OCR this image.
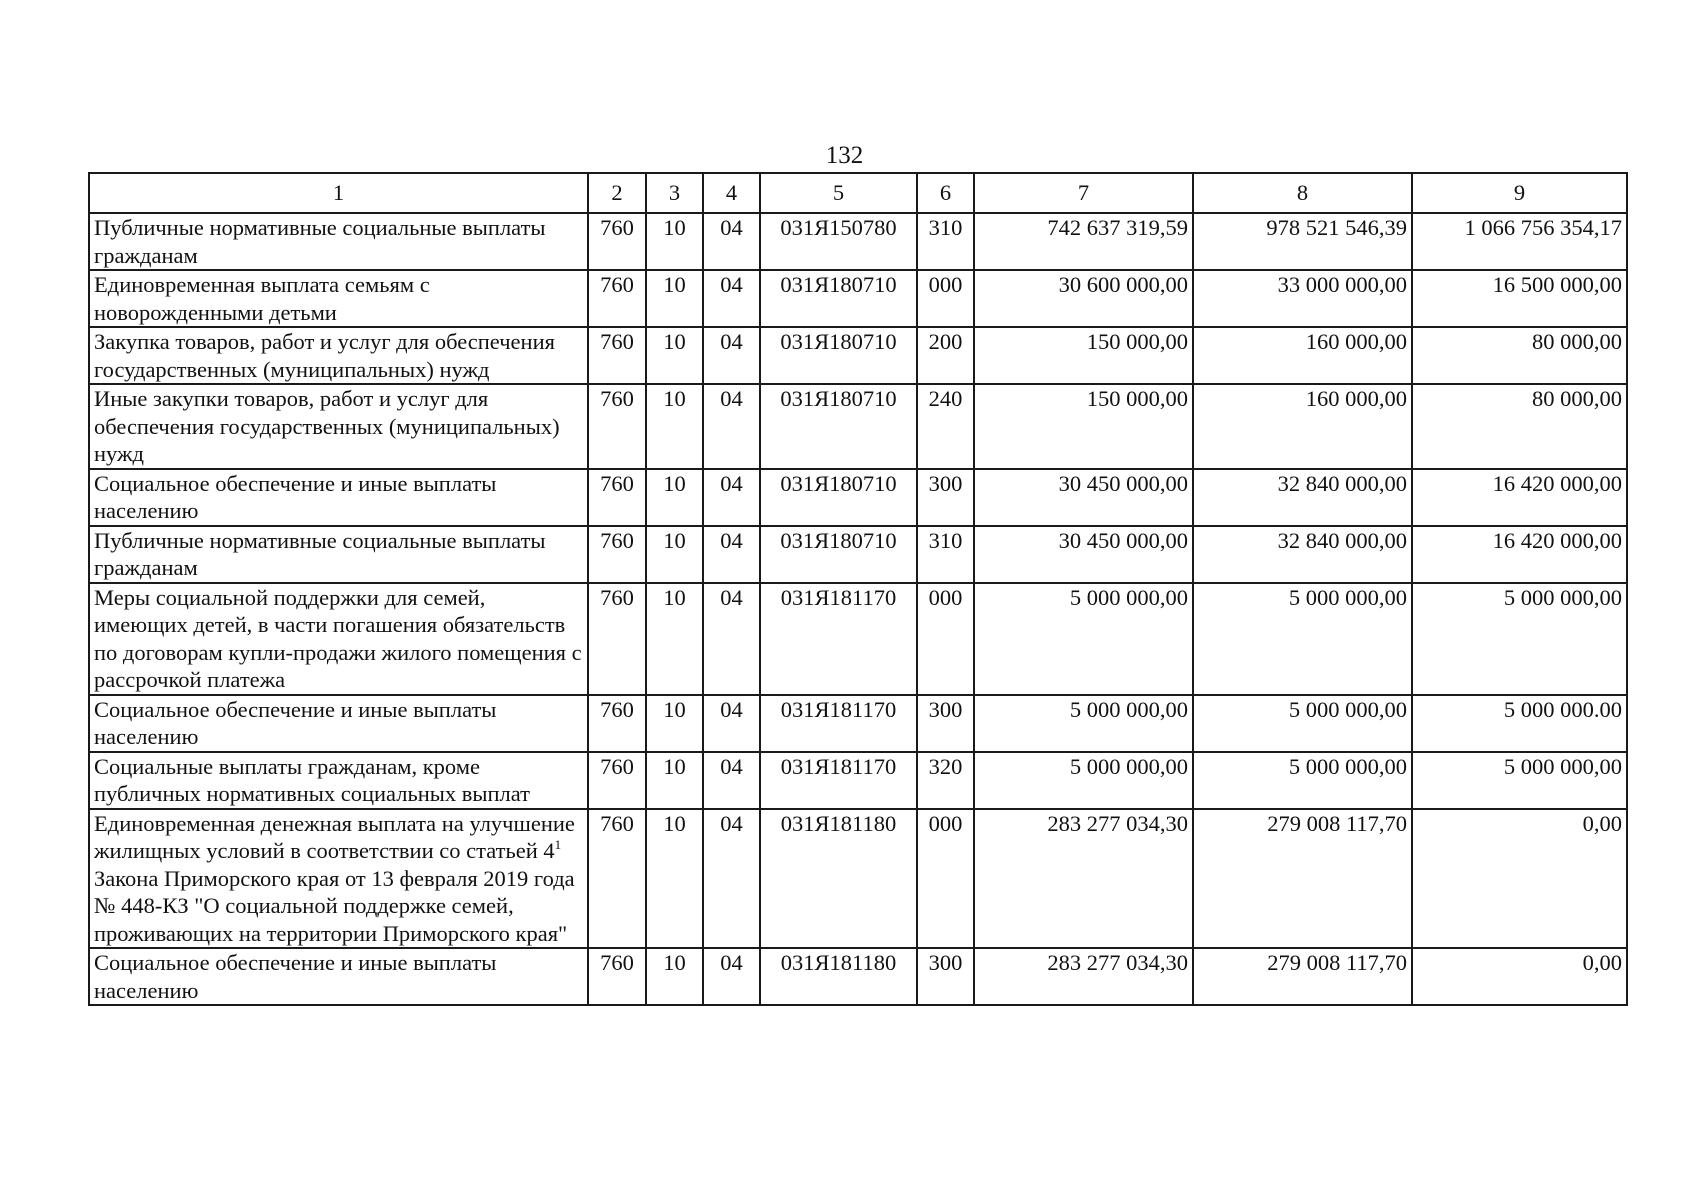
132
1	2	3	4	5	6	7	8	9
Публичные нормативные социальные выплаты гражданам	760	10	04	031Я150780	310	742 637 319,59	978 521 546,39	1 066 756 354,17
Единовременная выплата семьям с новорожденными детьми	760	10	04	031Я180710	000	30 600 000,00	33 000 000,00	16 500 000,00
Закупка товаров, работ и услуг для обеспечения государственных (муниципальных) нужд	760	10	04	031Я180710	200	150 000,00	160 000,00	80 000,00
Иные закупки товаров, работ и услуг для обеспечения государственных (муниципальных) нужд	760	10	04	031Я180710	240	150 000,00	160 000,00	80 000,00
Социальное обеспечение и иные выплаты населению	760	10	04	031Я180710	300	30 450 000,00	32 840 000,00	16 420 000,00
Публичные нормативные социальные выплаты гражданам	760	10	04	031Я180710	310	30 450 000,00	32 840 000,00	16 420 000,00
Меры социальной поддержки для семей, имеющих детей, в части погашения обязательств по договорам купли-продажи жилого помещения с рассрочкой платежа	760	10	04	031Я181170	000	5 000 000,00	5 000 000,00	5 000 000,00
Социальное обеспечение и иные выплаты населению	760	10	04	031Я181170	300	5 000 000,00	5 000 000,00	5 000 000.00
Социальные выплаты гражданам, кроме публичных нормативных социальных выплат	760	10	04	031Я181170	320	5 000 000,00	5 000 000,00	5 000 000,00
Единовременная денежная выплата на улучшение жилищных условий в соответствии со статьей $4^1$ Закона Приморского края от 13 февраля 2019 года № 448-КЗ "О социальной поддержке семей, проживающих на территории Приморского края"	760	10	04	031Я181180	000	283 277 034,30	279 008 117,70	0,00
Социальное обеспечение и иные выплаты населению	760	10	04	031Я181180	300	283 277 034,30	279 008 117,70	0,00
